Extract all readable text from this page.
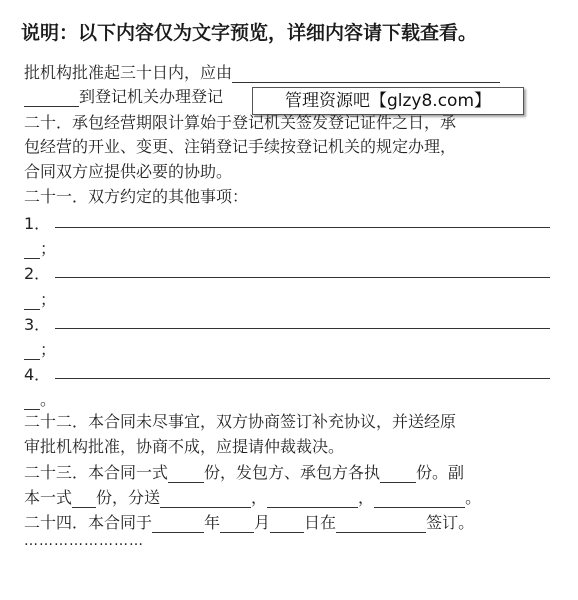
说明：以下内容仅为文字预览，详细内容请下载查看。
批机构批准起三十日内，应由
到登记机关办理登记	管理资源吧【glzy8.com】
二十．承包经营期限计算始于登记机关签发登记证件之日，承
包经营的开业、变更、注销登记手续按登记机关的规定办理，
合同双方应提供必要的协助。
二十一．双方约定的其他事项：
1．
；
2．
；
3．
；
4．
。
二十二．本合同未尽事宜，双方协商签订补充协议，并送经原
审批机构批准，协商不成，应提请仲裁裁决。
二十三．本合同一式 份，发包方、承包方各执 份。副
本一式 份，分送	，	，	。
二十四．本合同于	年 月 日在	签订。
……………………
